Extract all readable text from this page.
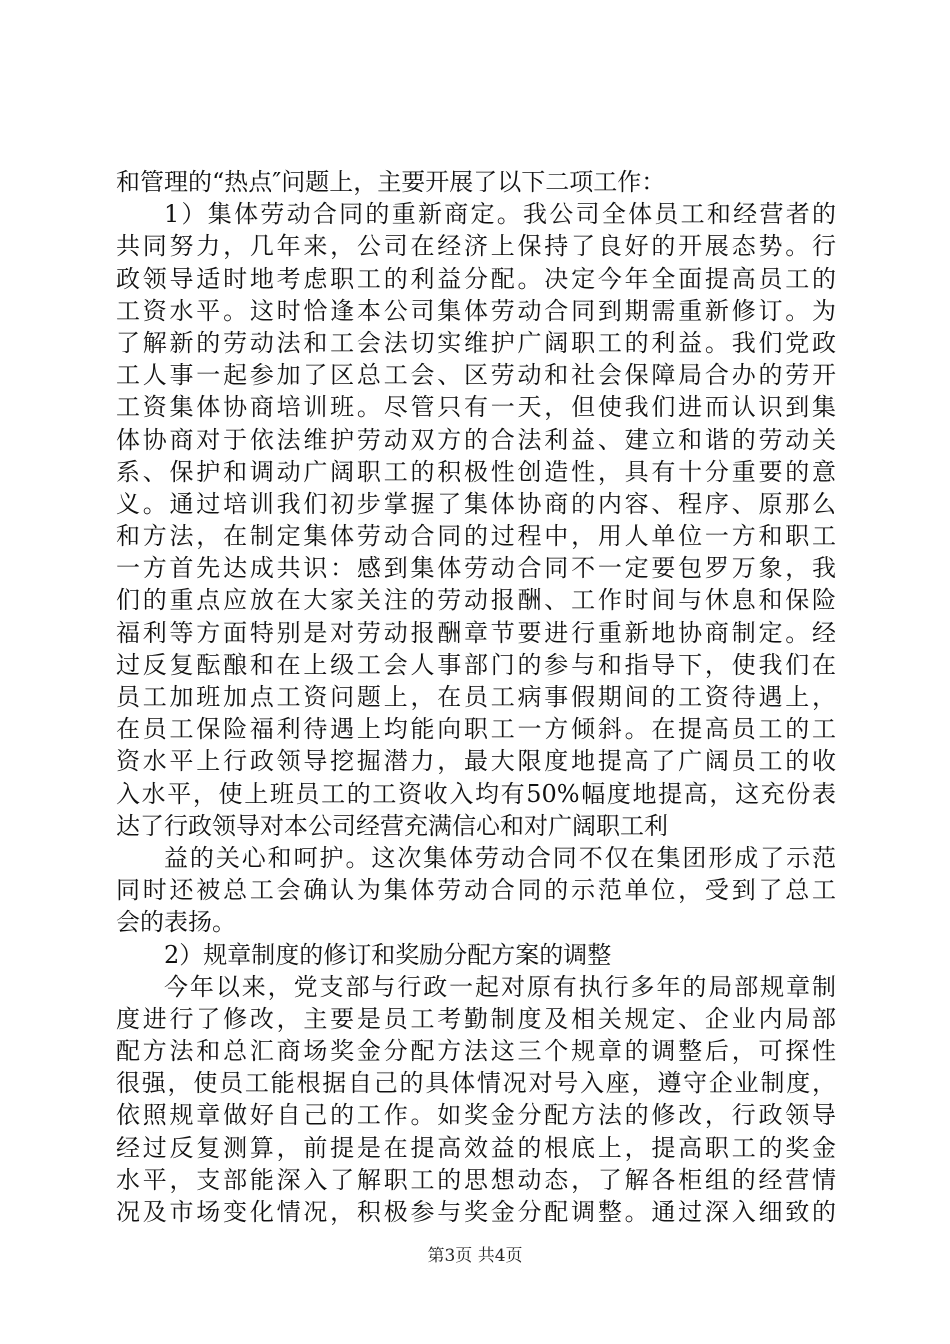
和管理的“热点″问题上，主要开展了以下二项工作：
1）集体劳动合同的重新商定。我公司全体员工和经营者的
共同努力，几年来，公司在经济上保持了良好的开展态势。行
政领导适时地考虑职工的利益分配。决定今年全面提高员工的
工资水平。这时恰逢本公司集体劳动合同到期需重新修订。为
了解新的劳动法和工会法切实维护广阔职工的利益。我们党政
工人事一起参加了区总工会、区劳动和社会保障局合办的劳开
工资集体协商培训班。尽管只有一天，但使我们进而认识到集
体协商对于依法维护劳动双方的合法利益、建立和谐的劳动关
系、保护和调动广阔职工的积极性创造性，具有十分重要的意
义。通过培训我们初步掌握了集体协商的内容、程序、原那么
和方法，在制定集体劳动合同的过程中，用人单位一方和职工
一方首先达成共识：感到集体劳动合同不一定要包罗万象，我
们的重点应放在大家关注的劳动报酬、工作时间与休息和保险
福利等方面特别是对劳动报酬章节要进行重新地协商制定。经
过反复酝酿和在上级工会人事部门的参与和指导下，使我们在
员工加班加点工资问题上，在员工病事假期间的工资待遇上，
在员工保险福利待遇上均能向职工一方倾斜。在提高员工的工
资水平上行政领导挖掘潜力，最大限度地提高了广阔员工的收
入水平，使上班员工的工资收入均有50%幅度地提高，这充份表
达了行政领导对本公司经营充满信心和对广阔职工利
益的关心和呵护。这次集体劳动合同不仅在集团形成了示范
同时还被总工会确认为集体劳动合同的示范单位，受到了总工
会的表扬。
2）规章制度的修订和奖励分配方案的调整
今年以来，党支部与行政一起对原有执行多年的局部规章制
度进行了修改，主要是员工考勤制度及相关规定、企业内局部
配方法和总汇商场奖金分配方法这三个规章的调整后，可探性
很强，使员工能根据自己的具体情况对号入座，遵守企业制度，
依照规章做好自己的工作。如奖金分配方法的修改，行政领导
经过反复测算，前提是在提高效益的根底上，提高职工的奖金
水平，支部能深入了解职工的思想动态，了解各柜组的经营情
况及市场变化情况，积极参与奖金分配调整。通过深入细致的
第3页 共4页
